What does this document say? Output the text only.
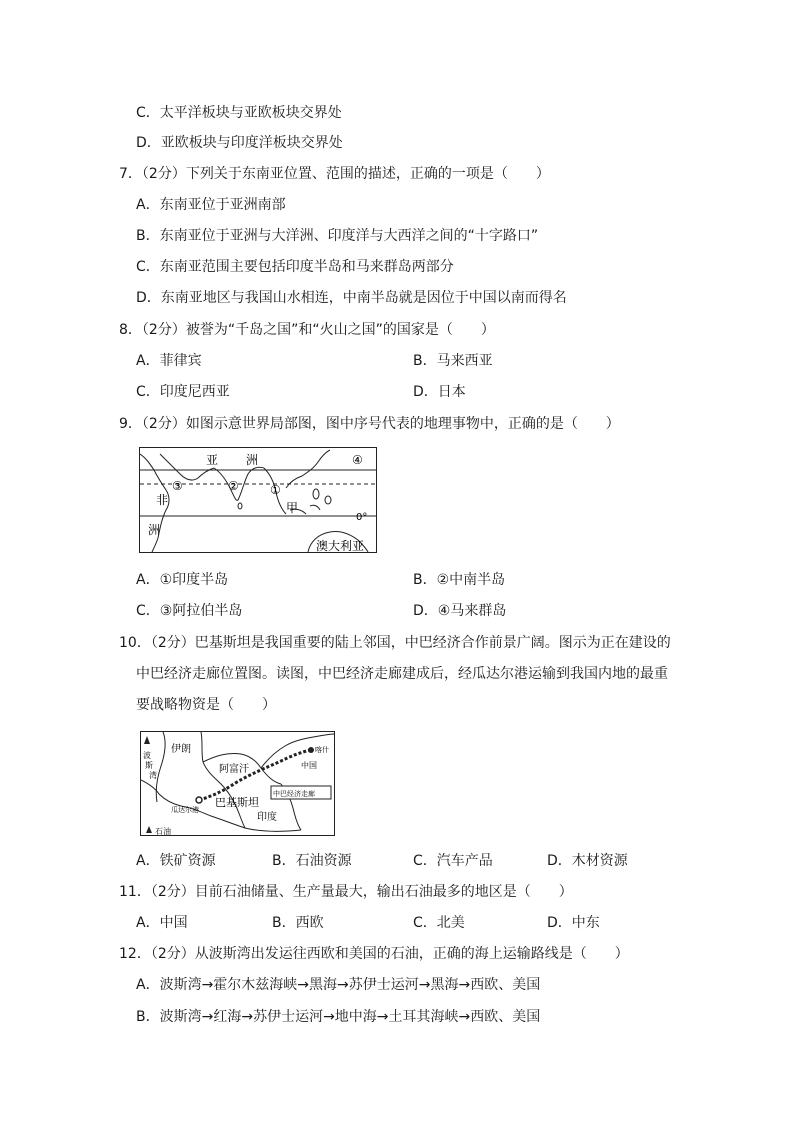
C．太平洋板块与亚欧板块交界处
D．亚欧板块与印度洋板块交界处
7．（2分）下列关于东南亚位置、范围的描述，正确的一项是（　　）
A．东南亚位于亚洲南部
B．东南亚位于亚洲与大洋洲、印度洋与大西洋之间的“十字路口”
C．东南亚范围主要包括印度半岛和马来群岛两部分
D．东南亚地区与我国山水相连，中南半岛就是因位于中国以南而得名
8．（2分）被誉为“千岛之国”和“火山之国”的国家是（　　）
A．菲律宾	B．马来西亚
C．印度尼西亚	D．日本
9．（2分）如图示意世界局部图，图中序号代表的地理事物中，正确的是（　　）
亚 洲	④
③	②	①
非
洲
甲
0°
澳大利亚
A．①印度半岛	B．②中南半岛
C．③阿拉伯半岛	D．④马来群岛
10．（2分）巴基斯坦是我国重要的陆上邻国，中巴经济合作前景广阔。图示为正在建设的
中巴经济走廊位置图。读图，中巴经济走廊建成后，经瓜达尔港运输到我国内地的最重
要战略物资是（　　）
伊朗
阿富汗
喀什
中国
中巴经济走廊
巴基斯坦
瓜达尔港
印度
石油
波
斯
湾
A．铁矿资源	B．石油资源	C．汽车产品	D．木材资源
11．（2分）目前石油储量、生产量最大，输出石油最多的地区是（　　）
A．中国	B．西欧	C．北美	D．中东
12．（2分）从波斯湾出发运往西欧和美国的石油，正确的海上运输路线是（　　）
A．波斯湾→霍尔木兹海峡→黑海→苏伊士运河→黑海→西欧、美国
B．波斯湾→红海→苏伊士运河→地中海→土耳其海峡→西欧、美国
